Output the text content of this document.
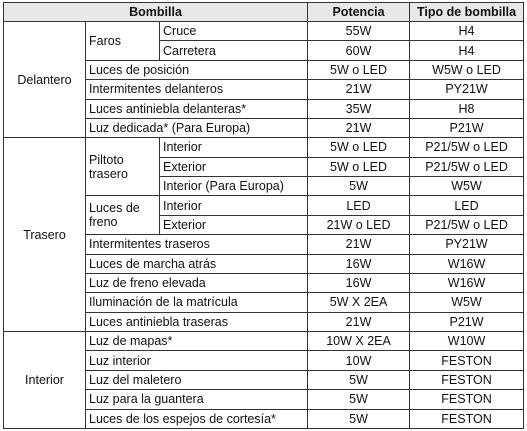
Bombilla			Potencia	Tipo de bombilla
Delantero	Faros	Cruce	55W	H4
		Carretera	60W	H4
	Luces de posición		5W o LED	W5W o LED
	Intermitentes delanteros		21W	PY21W
	Luces antiniebla delanteras*		35W	H8
	Luz dedicada* (Para Europa)		21W	P21W
Trasero	Piltoto trasero	Interior	5W o LED	P21/5W o LED
		Exterior	5W o LED	P21/5W o LED
		Interior (Para Europa)	5W	W5W
	Luces de freno	Interior	LED	LED
		Exterior	21W o LED	P21/5W o LED
	Intermitentes traseros		21W	PY21W
	Luces de marcha atrás		16W	W16W
	Luz de freno elevada		16W	W16W
	Iluminación de la matrícula		5W X 2EA	W5W
	Luces antiniebla traseras		21W	P21W
Interior	Luz de mapas*		10W X 2EA	W10W
	Luz interior		10W	FESTON
	Luz del maletero		5W	FESTON
	Luz para la guantera		5W	FESTON
	Luces de los espejos de cortesía*		5W	FESTON
